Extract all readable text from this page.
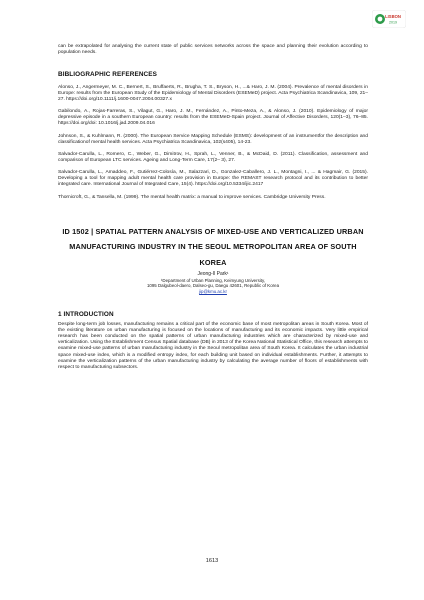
LISBON
2019

can be extrapolated for analysing the current state of public services networks across the space and planning their evolution according to population needs.

BIBLIOGRAPHIC REFERENCES

Alonso, J., Angermeyer, M. C., Bernert, S., Bruffaerts, R., Brugha, T. S., Bryson, H., ...& Haro, J. M. (2004). Prevalence of mental disorders in Europe: results from the European Study of the Epidemiology of Mental Disorders (ESEMeD) project. Acta Psychiatrica Scandinavica, 109, 21–27. https://doi.org/10.1111/j.1600-0047.2004.00327.x

Gabilondo, A., Rojas-Farreras, S., Vilagut, G., Haro, J. M., Fernández, A., Pinto-Meza, A., & Alonso, J. (2010). Epidemiology of major depressive episode in a southern European country: results from the ESEMeD-Spain project. Journal of Affective Disorders, 120(1–3), 76–85. https://doi.org/doi: 10.1016/j.jad.2009.04.016

Johnson, S., & Kuhlmann, R. (2000). The European Service Mapping Schedule (ESMS): development of an instrumentfor the description and classificationof mental health services. Acta Psychiatrica Scandinavica, 102(s405), 14-23.

Salvador-Carulla, L., Romero, C., Weber, G., Dimitrov, H., Sprah, L., Venner, B., & McDaid, D. (2011). Classification, assessment and comparison of European LTC services. Ageing and Long-Term Care, 17(2– 3), 27.

Salvador-Carulla, L., Amaddeo, F., Gutiérrez-Colosía, M., Salazzari, D., Gonzalez-Caballero, J. L., Montagni, I., ... & Hagmair, G. (2015). Developing a tool for mapping adult mental health care provision in Europe: the REMAST research protocol and its contribution to better integrated care. International Journal of Integrated Care, 15(4). https://doi.org/10.5334/ijic.2417

Thornicroft, G., & Tansella, M. (1999). The mental health matrix: a manual to improve services. Cambridge University Press.

ID 1502 | SPATIAL PATTERN ANALYSIS OF MIXED-USE AND VERTICALIZED URBAN MANUFACTURING INDUSTRY IN THE SEOUL METROPOLITAN AREA OF SOUTH KOREA

Jeong-Il Park¹

¹Department of Urban Planning, Keimyung University,

1095 Dalgubeol-daero, Dalseo-gu, Daegu 42601, Republic of Korea

jip@kmu.ac.kr

1 INTRODUCTION

Despite long-term job losses, manufacturing remains a critical part of the economic base of most metropolitan areas in South Korea. Most of the existing literature on urban manufacturing is focused on the locations of manufacturing and its economic impacts. Very little empirical research has been conducted on the spatial patterns of urban manufacturing industries which are characterized by mixed-use and verticalization. Using the Establishment Census Spatial database (DB) in 2013 of the Korea National Statistical Office, this research attempts to examine mixed-use patterns of urban manufacturing industry in the Seoul metropolitan area of South Korea. It calculates the urban industrial space mixed-use index, which is a modified entropy index, for each building unit based on individual establishments. Further, it attempts to examine the verticalization patterns of the urban manufacturing industry by calculating the average number of floors of establishments with respect to manufacturing subsectors.

1613
